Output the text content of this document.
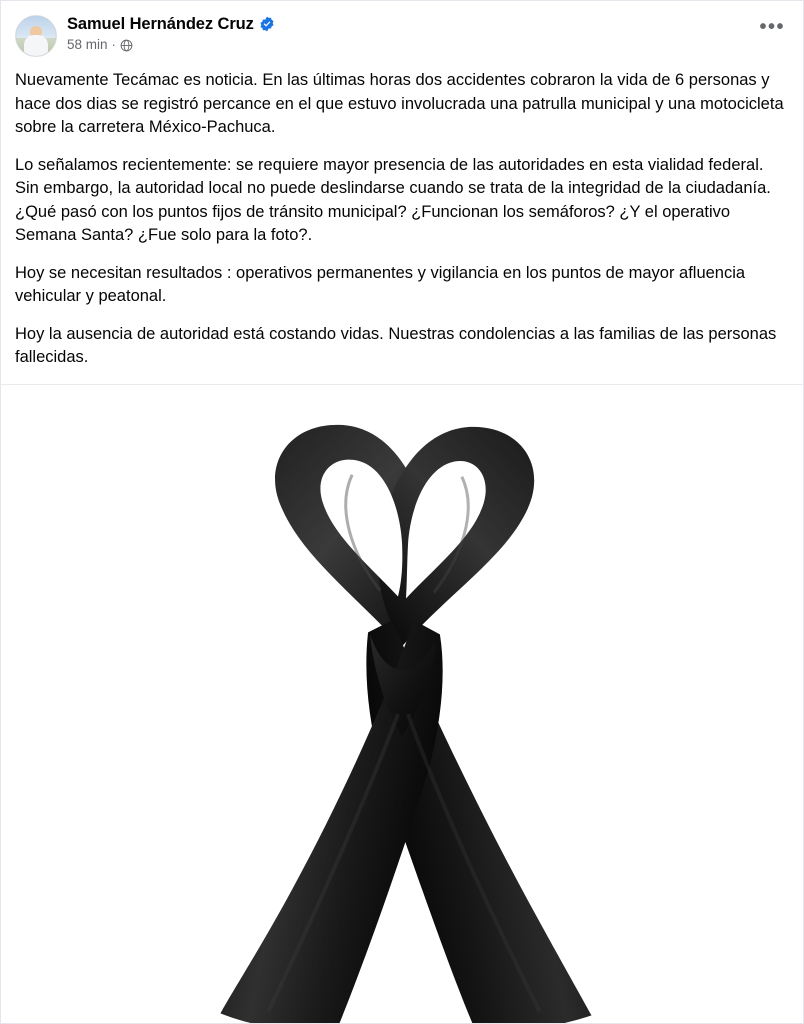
Samuel Hernández Cruz
58 min ·
•••

Nuevamente Tecámac es noticia. En las últimas horas dos accidentes cobraron la vida de 6 personas y hace dos dias se registró percance en el que estuvo involucrada una patrulla municipal y una motocicleta sobre la carretera México-Pachuca.

Lo señalamos recientemente: se requiere mayor presencia de las autoridades en esta vialidad federal. Sin embargo, la autoridad local no puede deslindarse cuando se trata de la integridad de la ciudadanía. ¿Qué pasó con los puntos fijos de tránsito municipal? ¿Funcionan los semáforos? ¿Y el operativo Semana Santa? ¿Fue solo para la foto?.

Hoy se necesitan resultados : operativos permanentes y vigilancia en los puntos de mayor afluencia vehicular y peatonal.

Hoy la ausencia de autoridad está costando vidas. Nuestras condolencias a las familias de las personas fallecidas.
